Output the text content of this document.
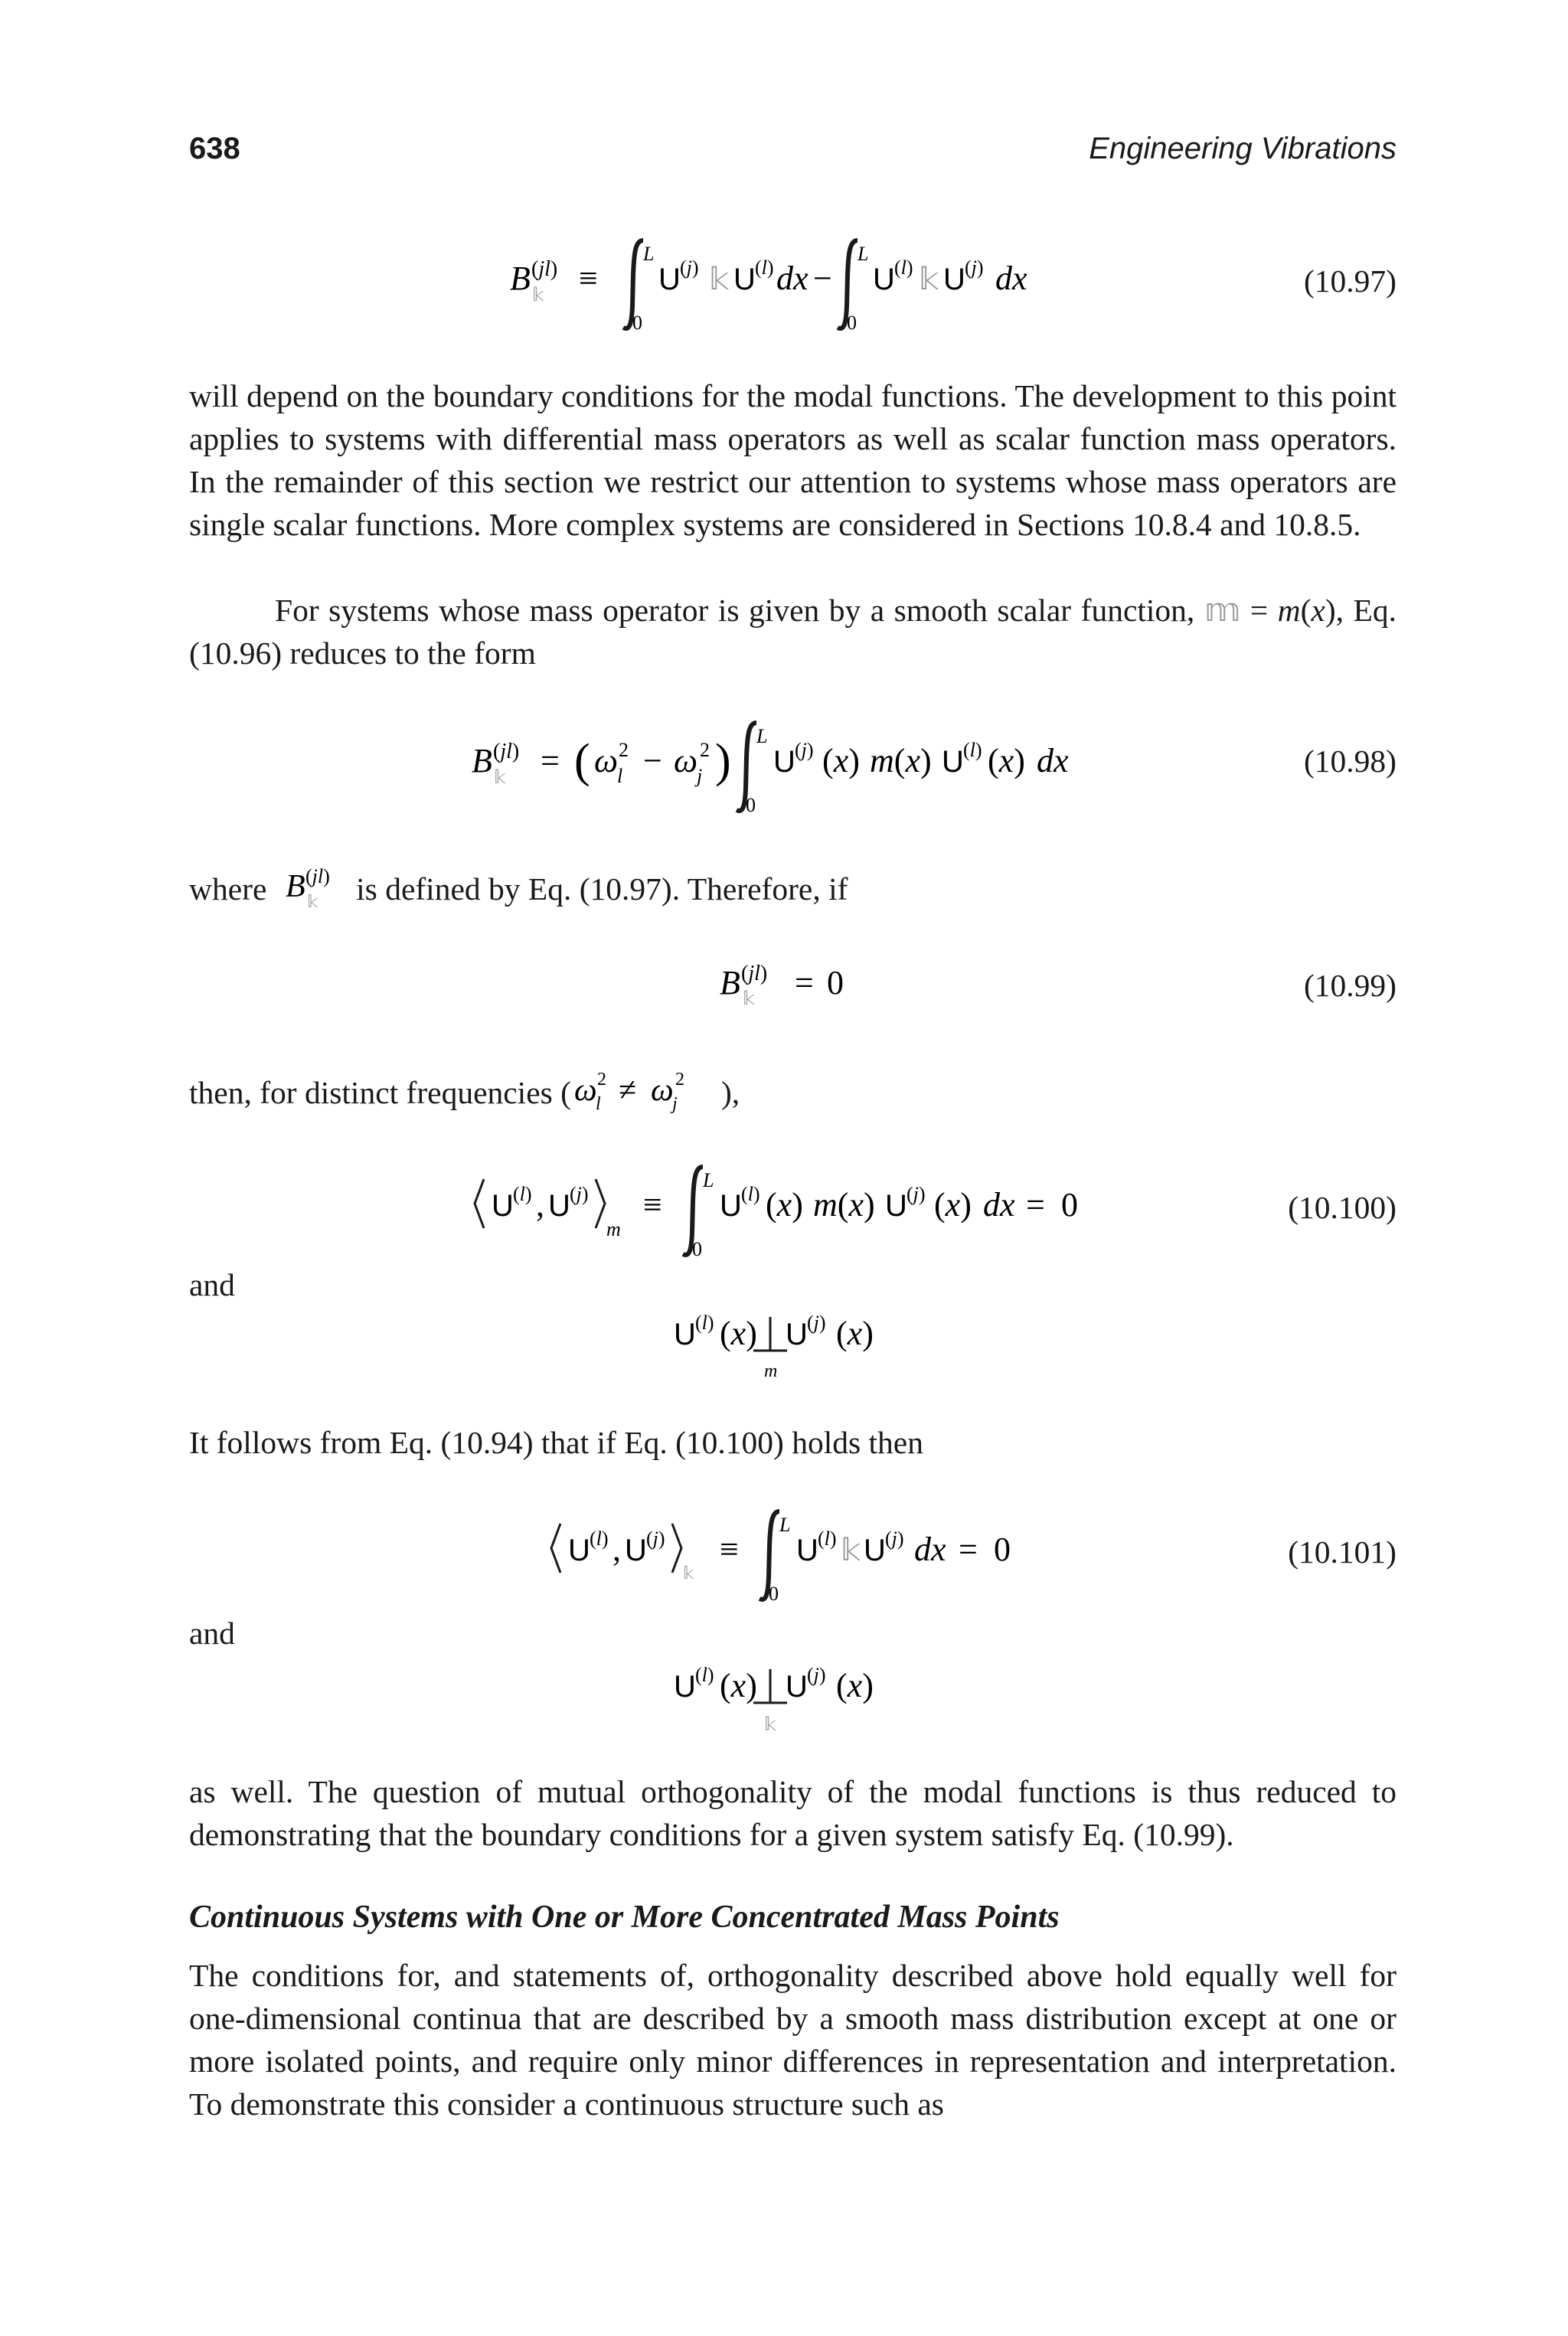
638	Engineering Vibrations
B (jl)
𝕜 ≡
L
0
U (j) 𝕜 U (l) dx −
L
0
U (l) 𝕜 U (j) dx	(10.97)

will depend on the boundary conditions for the modal functions. The development to this point applies to systems with differential mass operators as well as scalar function mass operators. In the remainder of this section we restrict our attention to systems whose mass operators are single scalar functions. More complex systems are considered in Sections 10.8.4 and 10.8.5.

For systems whose mass operator is given by a smooth scalar function, 𝕞 = m(x), Eq. (10.96) reduces to the form

B (jl)
𝕜 = ( ω
l
2 − ω
j
2 ) L
0
U (j) (x) m(x) U (l) (x) dx	(10.98)
where B (jl)
𝕜 is defined by Eq. (10.97). Therefore, if
B (jl)
𝕜 = 0	(10.99)
then, for distinct frequencies ( ω
l
2 ≠ ω
j
2 ),
U (l) , U (j)
m
≡
L
0
U (l) (x) m(x) U (j) (x) dx = 0	(10.100)
and
U (l) (x) U (j) (x)
m
It follows from Eq. (10.94) that if Eq. (10.100) holds then
U (l) , U (j)
𝕜
≡
L
0
U (l) 𝕜 U (j) dx = 0	(10.101)
and
U (l) (x) U (j) (x)
𝕜

as well. The question of mutual orthogonality of the modal functions is thus reduced to demonstrating that the boundary conditions for a given system satisfy Eq. (10.99).

Continuous Systems with One or More Concentrated Mass Points

The conditions for, and statements of, orthogonality described above hold equally well for one-dimensional continua that are described by a smooth mass distribution except at one or more isolated points, and require only minor differences in representation and interpretation. To demonstrate this consider a continuous structure such as
